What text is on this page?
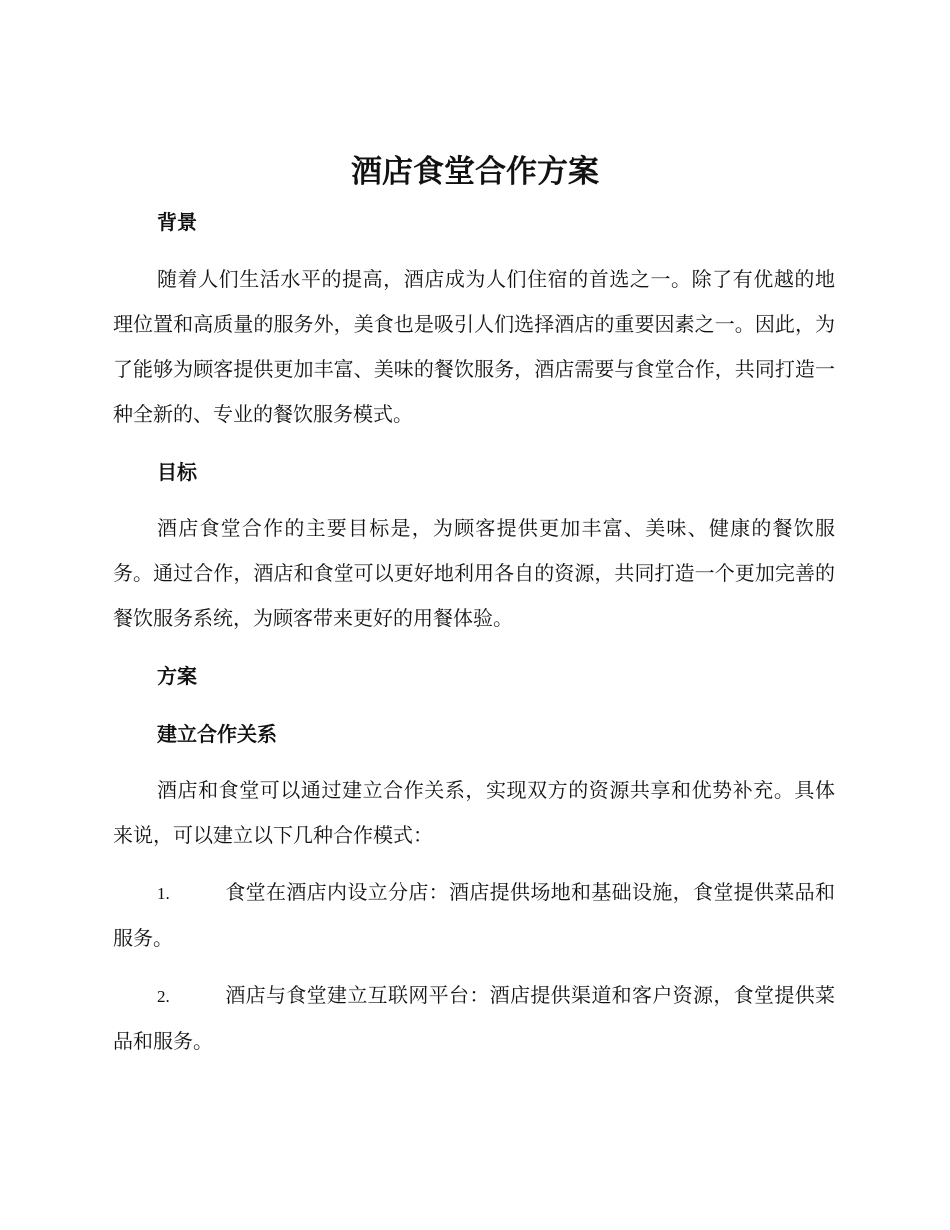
酒店食堂合作方案
背景

随着人们生活水平的提高，酒店成为人们住宿的首选之一。除了有优越的地理位置和高质量的服务外，美食也是吸引人们选择酒店的重要因素之一。因此，为了能够为顾客提供更加丰富、美味的餐饮服务，酒店需要与食堂合作，共同打造一种全新的、专业的餐饮服务模式。

目标

酒店食堂合作的主要目标是，为顾客提供更加丰富、美味、健康的餐饮服务。通过合作，酒店和食堂可以更好地利用各自的资源，共同打造一个更加完善的餐饮服务系统，为顾客带来更好的用餐体验。

方案
建立合作关系

酒店和食堂可以通过建立合作关系，实现双方的资源共享和优势补充。具体来说，可以建立以下几种合作模式：

1.	食堂在酒店内设立分店：酒店提供场地和基础设施，食堂提供菜品和服务。

2.	酒店与食堂建立互联网平台：酒店提供渠道和客户资源，食堂提供菜品和服务。
